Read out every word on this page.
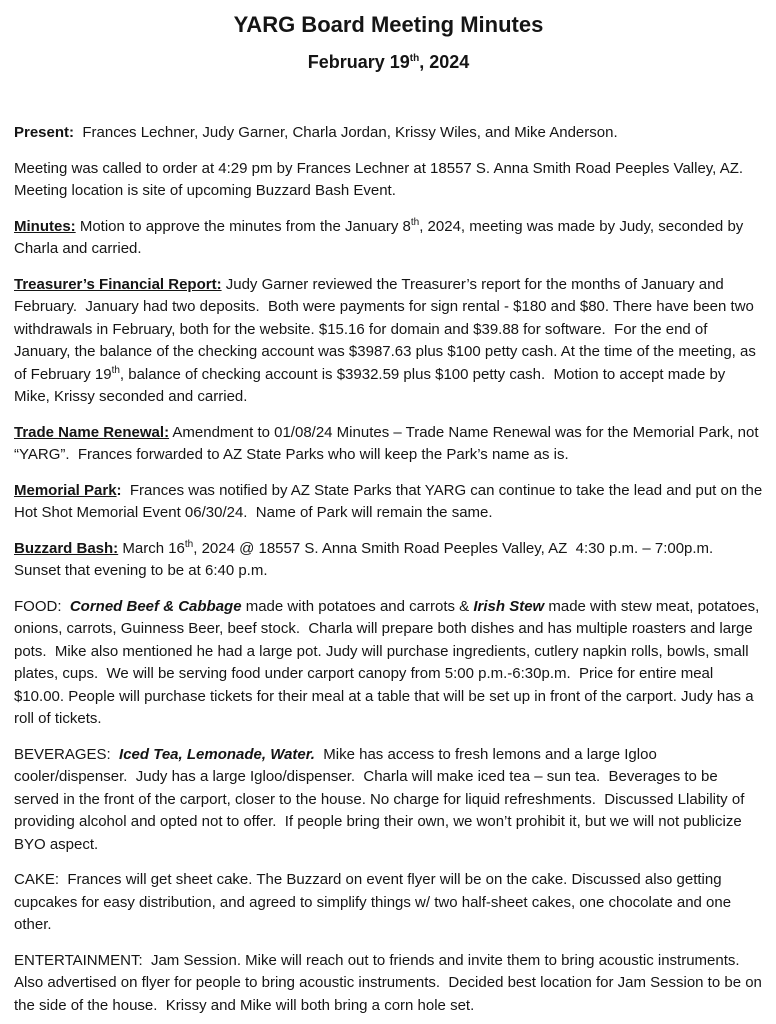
YARG Board Meeting Minutes
February 19th, 2024

Present:  Frances Lechner, Judy Garner, Charla Jordan, Krissy Wiles, and Mike Anderson.

Meeting was called to order at 4:29 pm by Frances Lechner at 18557 S. Anna Smith Road Peeples Valley, AZ.  Meeting location is site of upcoming Buzzard Bash Event.

Minutes: Motion to approve the minutes from the January 8th, 2024, meeting was made by Judy, seconded by Charla and carried.

Treasurer’s Financial Report: Judy Garner reviewed the Treasurer’s report for the months of January and February.  January had two deposits.  Both were payments for sign rental - $180 and $80. There have been two withdrawals in February, both for the website. $15.16 for domain and $39.88 for software.  For the end of January, the balance of the checking account was $3987.63 plus $100 petty cash. At the time of the meeting, as of February 19th, balance of checking account is $3932.59 plus $100 petty cash.  Motion to accept made by Mike, Krissy seconded and carried.

Trade Name Renewal: Amendment to 01/08/24 Minutes – Trade Name Renewal was for the Memorial Park, not “YARG”.  Frances forwarded to AZ State Parks who will keep the Park’s name as is.

Memorial Park:  Frances was notified by AZ State Parks that YARG can continue to take the lead and put on the Hot Shot Memorial Event 06/30/24.  Name of Park will remain the same.

Buzzard Bash: March 16th, 2024 @ 18557 S. Anna Smith Road Peeples Valley, AZ  4:30 p.m. – 7:00p.m. Sunset that evening to be at 6:40 p.m.

FOOD: Corned Beef & Cabbage made with potatoes and carrots & Irish Stew made with stew meat, potatoes, onions, carrots, Guinness Beer, beef stock.  Charla will prepare both dishes and has multiple roasters and large pots.  Mike also mentioned he had a large pot. Judy will purchase ingredients, cutlery napkin rolls, bowls, small plates, cups.  We will be serving food under carport canopy from 5:00 p.m.-6:30p.m.  Price for entire meal $10.00. People will purchase tickets for their meal at a table that will be set up in front of the carport. Judy has a roll of tickets.

BEVERAGES: Iced Tea, Lemonade, Water.  Mike has access to fresh lemons and a large Igloo cooler/dispenser.  Judy has a large Igloo/dispenser.  Charla will make iced tea – sun tea.  Beverages to be served in the front of the carport, closer to the house. No charge for liquid refreshments.  Discussed Llability of providing alcohol and opted not to offer.  If people bring their own, we won’t prohibit it, but we will not publicize BYO aspect.

CAKE:  Frances will get sheet cake. The Buzzard on event flyer will be on the cake. Discussed also getting cupcakes for easy distribution, and agreed to simplify things w/ two half-sheet cakes, one chocolate and one other.

ENTERTAINMENT:  Jam Session. Mike will reach out to friends and invite them to bring acoustic instruments.  Also advertised on flyer for people to bring acoustic instruments.  Decided best location for Jam Session to be on the side of the house.  Krissy and Mike will both bring a corn hole set.
